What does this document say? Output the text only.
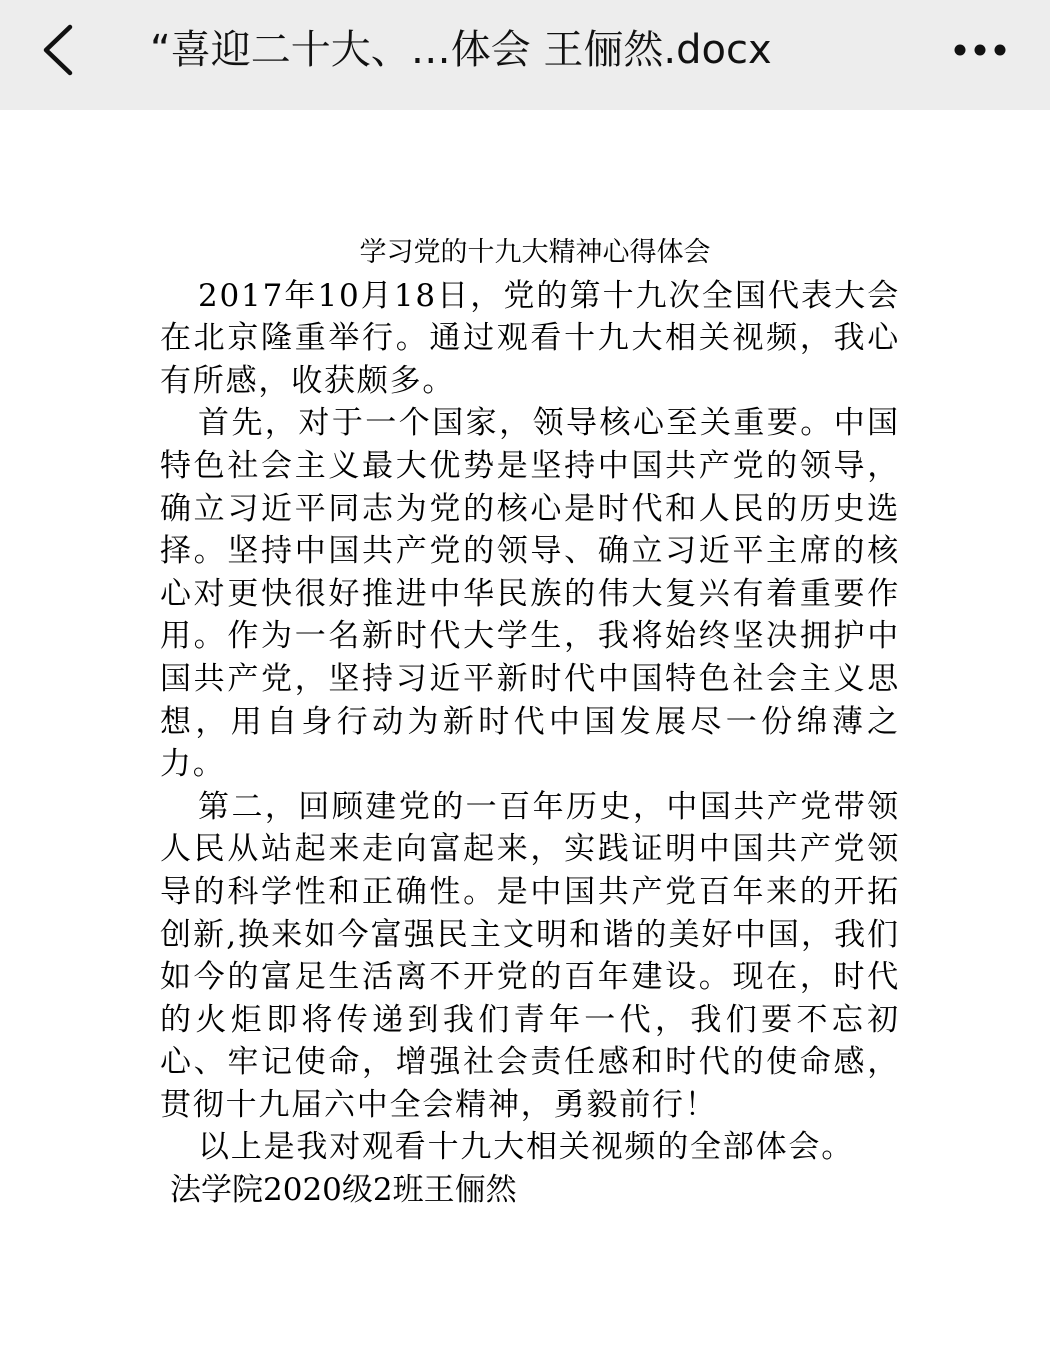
“喜迎二十大、…体会 王俪然.docx
学习党的十九大精神心得体会

2017年10月18日，党的第十九次全国代表大会在北京隆重举行。通过观看十九大相关视频，我心有所感，收获颇多。

首先，对于一个国家，领导核心至关重要。中国特色社会主义最大优势是坚持中国共产党的领导，确立习近平同志为党的核心是时代和人民的历史选择。坚持中国共产党的领导、确立习近平主席的核心对更快很好推进中华民族的伟大复兴有着重要作用。作为一名新时代大学生，我将始终坚决拥护中国共产党，坚持习近平新时代中国特色社会主义思想，用自身行动为新时代中国发展尽一份绵薄之力。

第二，回顾建党的一百年历史，中国共产党带领人民从站起来走向富起来，实践证明中国共产党领导的科学性和正确性。是中国共产党百年来的开拓创新,换来如今富强民主文明和谐的美好中国，我们如今的富足生活离不开党的百年建设。现在，时代的火炬即将传递到我们青年一代，我们要不忘初心、牢记使命，增强社会责任感和时代的使命感，贯彻十九届六中全会精神，勇毅前行！

以上是我对观看十九大相关视频的全部体会。

法学院2020级2班王俪然
